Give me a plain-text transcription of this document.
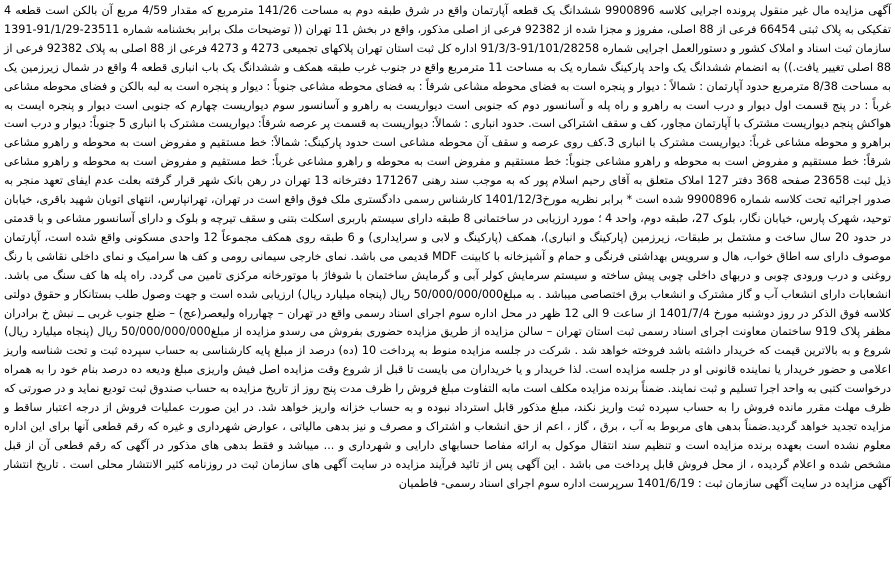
آگهی مزایده مال غیر منقول پرونده اجرایی کلاسه 9900896 ششدانگ یک قطعه آپارتمان واقع در شرق طبقه دوم به مساحت 141/26 مترمربع که مقدار 4/59 مربع آن بالکن است قطعه 4 تفکیکی به پلاک ثبتی 66454 فرعی از 88 اصلی، مفروز و مجزا شده از 92382 فرعی از اصلی مذکور، واقع در بخش 11 تهران (( توضیحات ملک برابر بخشنامه شماره 23511-91/1/29-1391 سازمان ثبت اسناد و املاک کشور و دستورالعمل اجرایی شماره 91/101/28258-91/3/3 اداره کل ثبت استان تهران پلاکهای تجمیعی 4273 و 4273 فرعی از 88 اصلی به پلاک 92382 فرعی از 88 اصلی تغییر یافت.)) به انضمام ششدانگ یک واحد پارکینگ شماره یک به مساحت 11 مترمربع واقع در جنوب غرب طبقه همکف و ششدانگ یک باب انباری قطعه 4 واقع در شمال زیرزمین یک به مساحت 8/38 مترمربع حدود آپارتمان : شمالاً : دیوار و پنجره است به فضای محوطه مشاعی شرقاً : به فضای محوطه مشاعی جنوباً : دیوار و پنجره است به لبه بالکن و فضای محوطه مشاعی غرباً : در پنج قسمت اول دیوار و درب است به راهرو و راه پله و آسانسور دوم که جنوبی است دیواریست به راهرو و آسانسور سوم دیواریست چهارم که جنوبی است دیوار و پنجره ایست به هواکش پنجم دیواریست مشترک با آپارتمان مجاور، کف و سقف اشتراکی است. حدود انباری : شمالاً: دیواریست به قسمت پر عرصه شرقاً: دیواریست مشترک با انباری 5 جنوباً: دیوار و درب است براهرو و محوطه مشاعی غرباً: دیواریست مشترک با انباری 3.کف روی عرصه و سقف آن محوطه مشاعی است حدود پارکینگ: شمالاً: خط مستقیم و مفروض است به محوطه و راهرو مشاعی شرقاً: خط مستقیم و مفروض است به محوطه و راهرو مشاعی جنوباً: خط مستقیم و مفروض است به محوطه و راهرو مشاعی غرباً: خط مستقیم و مفروض است به محوطه و راهرو مشاعی ذیل ثبت 23658 صفحه 368 دفتر 127 املاک متعلق به آقای رحیم اسلام پور که به موجب سند رهنی 171267 دفترخانه 13 تهران در رهن بانک شهر قرار گرفته بعلت عدم ایفای تعهد منجر به صدور اجرائیه تحت کلاسه شماره 9900896 شده است * برابر نظریه مورخ1401/12/3 کارشناس رسمی دادگستری ملک فوق واقع است در تهران، تهرانپارس، انتهای اتوبان شهید باقری، خیابان توحید، شهرک پارس، خیابان نگار، بلوک 27، طبقه دوم، واحد 4 ؛ مورد ارزیابی در ساختمانی 8 طبقه دارای سیستم باربری اسکلت بتنی و سقف تیرچه و بلوک و دارای آسانسور مشاعی و با قدمتی در حدود 20 سال ساخت و مشتمل بر طبقات، زیرزمین (پارکینگ و انباری)، همکف (پارکینگ و لابی و سرایداری) و 6 طبقه روی همکف مجموعاً 12 واحدی مسکونی واقع شده است، آپارتمان موصوف دارای سه اطاق خواب، هال و سرویس بهداشتی فرنگی و حمام و آشپزخانه با کابینت MDF قدیمی می باشد. نمای خارجی سیمانی رومی و کف ها سرامیک و نمای داخلی نقاشی با رنگ روغنی و درب ورودی چوبی و دربهای داخلی چوبی پیش ساخته و سیستم سرمایش کولر آبی و گرمایش ساختمان با شوفاژ با موتورخانه مرکزی تامین می گردد. راه پله ها کف سنگ می باشد. انشعابات دارای انشعاب آب و گاز مشترک و انشعاب برق اختصاصی میباشد . به مبلغ50/000/000/000 ریال (پنجاه میلیارد ریال) ارزیابی شده است و جهت وصول طلب بستانکار و حقوق دولتی کلاسه فوق الذکر در روز دوشنبه مورخ 1401/7/4 از ساعت 9 الی 12 ظهر در محل اداره سوم اجرای اسناد رسمی واقع در تهران – چهارراه ولیعصر(عج) – ضلع جنوب غربی ــ نبش خ برادران مظفر پلاک 919 ساختمان معاونت اجرای اسناد رسمی ثبت استان تهران – سالن مزایده از طریق مزایده حضوری بفروش می رسدو مزایده از مبلغ50/000/000/000 ریال (پنجاه میلیارد ریال) شروع و به بالاترین قیمت که خریدار داشته باشد فروخته خواهد شد . شرکت در جلسه مزایده منوط به پرداخت 10 (ده) درصد از مبلغ پایه کارشناسی به حساب سپرده ثبت و تحت شناسه واریز اعلامی و حضور خریدار یا نماینده قانونی او در جلسه مزایده است. لذا خریدار و یا خریداران می بایست تا قبل از شروع وقت مزایده اصل فیش واریزی مبلغ ودیعه ده درصد بنام خود را به همراه درخواست کتبی به واحد اجرا تسلیم و ثبت نمایند. ضمناً برنده مزایده مکلف است مابه التفاوت مبلغ فروش را ظرف مدت پنج روز از تاریخ مزایده به حساب صندوق ثبت تودیع نماید و در صورتی که ظرف مهلت مقرر مانده فروش را به حساب سپرده ثبت واریز نکند، مبلغ مذکور قابل استرداد نبوده و به حساب خزانه واریز خواهد شد. در این صورت عملیات فروش از درجه اعتبار ساقط و مزایده تجدید خواهد گردید.ضمناً بدهی های مربوط به آب ، برق ، گاز ، اعم از حق انشعاب و اشتراک و مصرف و نیز بدهی مالیاتی ، عوارض شهرداری و غیره که رقم قطعی آنها برای این اداره معلوم نشده است بعهده برنده مزایده است و تنظیم سند انتقال موکول به ارائه مفاصا حسابهای دارایی و شهرداری و ... میباشد و فقط بدهی های مذکور در آگهی که رقم قطعی آن از قبل مشخص شده و اعلام گردیده ، از محل فروش قابل پرداخت می باشد . این آگهی پس از تائید فرآیند مزایده در سایت آگهی های سازمان ثبت در روزنامه کثیر الانتشار محلی است . تاریخ انتشار آگهی مزایده در سایت آگهی سازمان ثبت : 1401/6/19 سرپرست اداره سوم اجرای اسناد رسمی- فاطمیان
